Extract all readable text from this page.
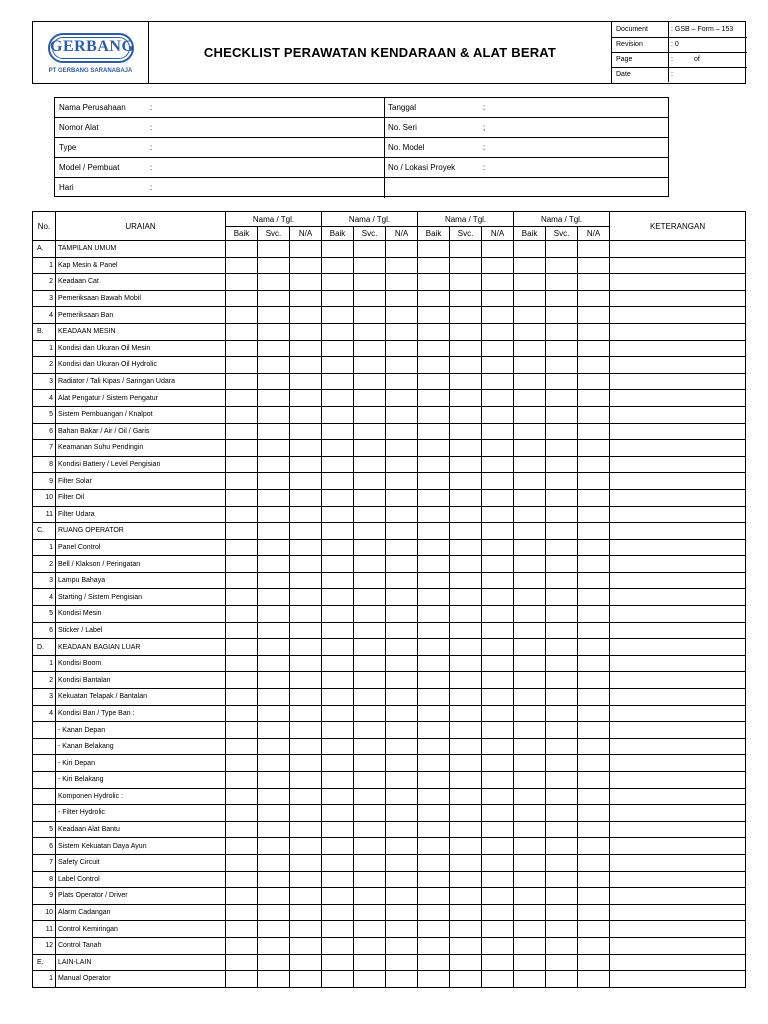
GERBANG
PT GERBANG SARANABAJA
CHECKLIST PERAWATAN KENDARAAN & ALAT BERAT
Document	: GSB – Form – 153
Revision	: 0
Page	:	of
Date	:
Nama Perusahaan	:	Tanggal	:
Nomor Alat	:	No. Seri	;
Type	:	No. Model	:
Model / Pembuat	:	No / Lokasi Proyek	:
Hari	:
No.	URAIAN	Nama / Tgl.			Nama / Tgl.			Nama / Tgl.			Nama / Tgl.			KETERANGAN
		Baik	Svc.	N/A	Baik	Svc.	N/A	Baik	Svc.	N/A	Baik	Svc.	N/A	
A.	TAMPILAN UMUM													
1	Kap Mesin & Panel													
2	Keadaan Cat													
3	Pemeriksaan Bawah Mobil													
4	Pemeriksaan Ban													
B.	KEADAAN MESIN													
1	Kondisi dan Ukuran Oil Mesin													
2	Kondisi dan Ukuran Oil Hydrolic													
3	Radiator / Tali Kipas / Saringan Udara													
4	Alat Pengatur / Sistem Pengatur													
5	Sistem Pembuangan / Knalpot													
6	Bahan Bakar / Air / Oil / Garis													
7	Keamanan Suhu Pendingin													
8	Kondisi Battery / Level Pengisian													
9	Filter Solar													
10	Filter Oil													
11	Filter Udara													
C.	RUANG OPERATOR													
1	Panel Control													
2	Bell / Klakson / Peringatan													
3	Lampu Bahaya													
4	Starting / Sistem Pengisian													
5	Kondisi Mesin													
6	Sticker / Label													
D.	KEADAAN BAGIAN LUAR													
1	Kondisi Boom													
2	Kondisi Bantalan													
3	Kekuatan Telapak / Bantalan													
4	Kondisi Ban / Type Ban :													
	- Kanan Depan													
	- Kanan Belakang													
	- Kiri Depan													
	- Kiri Belakang													
	Komponen Hydrolic :													
	- Filter Hydrolic													
5	Keadaan Alat Bantu													
6	Sistem Kekuatan Daya Ayun													
7	Safety Circuit													
8	Label Control													
9	Plats Operator / Driver													
10	Alarm Cadangan													
11	Control Kemiringan													
12	Control Tanah													
E.	LAIN-LAIN													
1	Manual Operator													
